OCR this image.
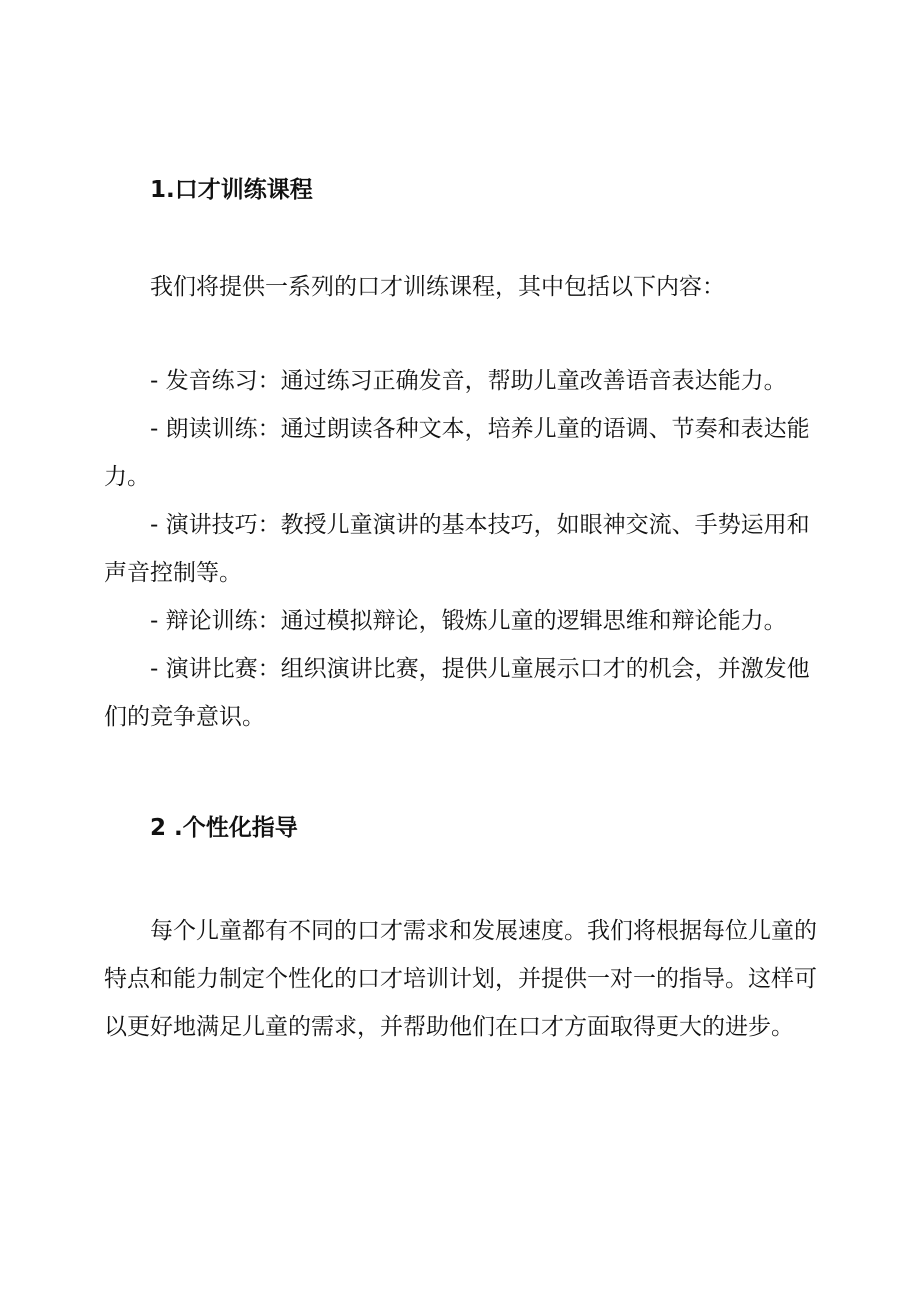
1.口才训练课程

我们将提供一系列的口才训练课程，其中包括以下内容：

- 发音练习：通过练习正确发音，帮助儿童改善语音表达能力。
- 朗读训练：通过朗读各种文本，培养儿童的语调、节奏和表达能力。
- 演讲技巧：教授儿童演讲的基本技巧，如眼神交流、手势运用和声音控制等。
- 辩论训练：通过模拟辩论，锻炼儿童的逻辑思维和辩论能力。
- 演讲比赛：组织演讲比赛，提供儿童展示口才的机会，并激发他们的竞争意识。
2 .个性化指导

每个儿童都有不同的口才需求和发展速度。我们将根据每位儿童的特点和能力制定个性化的口才培训计划，并提供一对一的指导。这样可以更好地满足儿童的需求，并帮助他们在口才方面取得更大的进步。
